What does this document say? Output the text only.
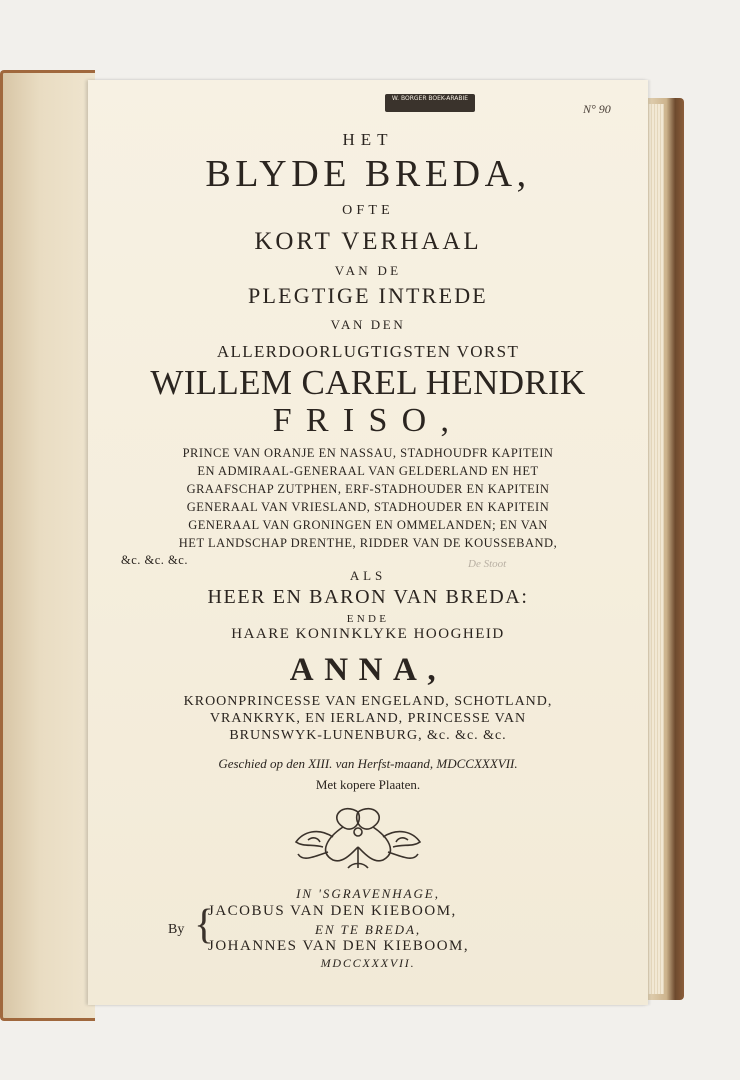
W. BORGER BOEK-ARABIE
N° 90
HET
BLYDE BREDA,
OFTE
KORT VERHAAL
VAN DE
PLEGTIGE INTREDE
VAN DEN
ALLERDOORLUGTIGSTEN VORST
WILLEM CAREL HENDRIK
FRISO,
PRINCE VAN ORANJE EN NASSAU, STADHOUDFR KAPITEIN
EN ADMIRAAL-GENERAAL VAN GELDERLAND EN HET
GRAAFSCHAP ZUTPHEN, ERF-STADHOUDER EN KAPITEIN
GENERAAL VAN VRIESLAND, STADHOUDER EN KAPITEIN
GENERAAL VAN GRONINGEN EN OMMELANDEN; EN VAN
HET LANDSCHAP DRENTHE, RIDDER VAN DE KOUSSEBAND,
&c. &c. &c.	De Stoot
ALS
HEER EN BARON VAN BREDA:
ENDE
HAARE KONINKLYKE HOOGHEID
ANNA,
KROONPRINCESSE VAN ENGELAND, SCHOTLAND,
VRANKRYK, EN IERLAND, PRINCESSE VAN
BRUNSWYK-LUNENBURG, &c. &c. &c.
Geschied op den XIII. van Herfst-maand, MDCCXXXVII.
Met kopere Plaaten.
IN 'SGRAVENHAGE,
By {
JACOBUS VAN DEN KIEBOOM,
EN TE BREDA,
JOHANNES VAN DEN KIEBOOM,
MDCCXXXVII.
